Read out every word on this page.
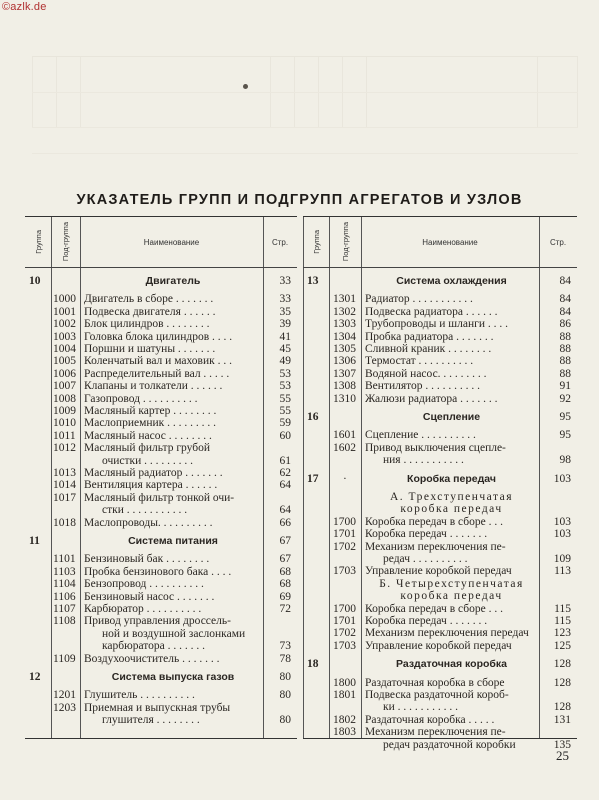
©azlk.de
УКАЗАТЕЛЬ ГРУПП И ПОДГРУПП АГРЕГАТОВ И УЗЛОВ
Группа Под-группа	Наименование	Стр.
10	Двигатель	33
1000 Двигатель в сборе . . . . . . .	33
1001 Подвеска двигателя . . . . . .	35
1002 Блок цилиндров . . . . . . . .	39
1003 Головка блока цилиндров . . . .	41
1004 Поршни и шатуны . . . . . . .	45
1005 Коленчатый вал и маховик . . .	49
1006 Распределительный вал . . . . .	53
1007 Клапаны и толкатели . . . . . .	53
1008 Газопровод . . . . . . . . . .	55
1009 Масляный картер . . . . . . . .	55
1010 Маслоприемник . . . . . . . . .	59
1011 Масляный насос . . . . . . . .	60
1012 Масляный фильтр грубой
очистки . . . . . . . . .	61
1013 Масляный радиатор . . . . . . .	62
1014 Вентиляция картера . . . . . .	64
1017 Масляный фильтр тонкой очи-
стки . . . . . . . . . . .	64
1018 Маслопроводы. . . . . . . . . .	66
11	Система питания	67
1101 Бензиновый бак . . . . . . . .	67
1103 Пробка бензинового бака . . . .	68
1104 Бензопровод . . . . . . . . . .	68
1106 Бензиновый насос . . . . . . .	69
1107 Карбюратор . . . . . . . . . .	72
1108 Привод управления дроссель-
ной и воздушной заслонками
карбюратора . . . . . . .	73
1109 Воздухоочиститель . . . . . . .	78
12	Система выпуска газов	80
1201 Глушитель . . . . . . . . . .	80
1203 Приемная и выпускная трубы
глушителя . . . . . . . .	80
Группа	Под-группа	Наименование	Стр.
13	Система охлаждения	84
1301 Радиатор . . . . . . . . . . .	84
1302 Подвеска радиатора . . . . . .	84
1303 Трубопроводы и шланги . . . .	86
1304 Пробка радиатора . . . . . . .	88
1305 Сливной краник . . . . . . . .	88
1306 Термостат . . . . . . . . . .	88
1307 Водяной насос. . . . . . . . .	88
1308 Вентилятор . . . . . . . . . .	91
1310 Жалюзи радиатора . . . . . . .	92
16	Сцепление	95
1601 Сцепление . . . . . . . . . .	95
1602 Привод выключения сцепле-
ния . . . . . . . . . . .	98
17 ·	Коробка передач	103
А. Трехступенчатая
коробка передач
1700 Коробка передач в сборе . . .	103
1701 Коробка передач . . . . . . .	103
1702 Механизм переключения пе-
редач . . . . . . . . . .	109
1703 Управление коробкой передач	113
Б. Четырехступенчатая
коробка передач
1700 Коробка передач в сборе . . .	115
1701 Коробка передач . . . . . . .	115
1702 Механизм переключения передач	123
1703 Управление коробкой передач	125
18	Раздаточная коробка	128
1800 Раздаточная коробка в сборе	128
1801 Подвеска раздаточной короб-
ки . . . . . . . . . . .	128
1802 Раздаточная коробка . . . . .	131
1803 Механизм переключения пе-
редач раздаточной коробки	135
25
